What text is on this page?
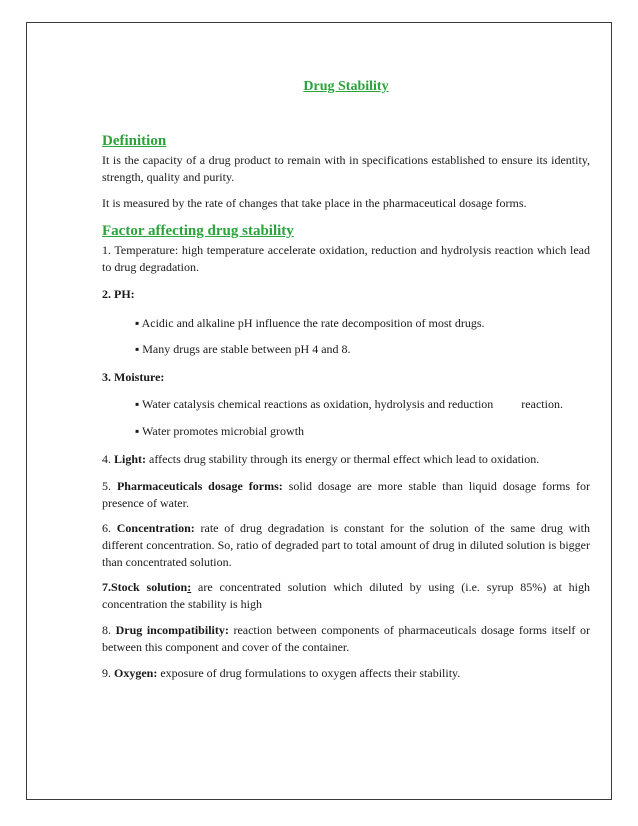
Drug Stability
Definition
It is the capacity of a drug product to remain with in specifications established to ensure its identity, strength, quality and purity.
It is measured by the rate of changes that take place in the pharmaceutical dosage forms.
Factor affecting drug stability
1. Temperature: high temperature accelerate oxidation, reduction and hydrolysis reaction which lead to drug degradation.
2. PH:
▪ Acidic and alkaline pH influence the rate decomposition of most drugs.
▪ Many drugs are stable between pH 4 and 8.
3. Moisture:
▪ Water catalysis chemical reactions as oxidation, hydrolysis and reduction reaction.
▪ Water promotes microbial growth
4. Light: affects drug stability through its energy or thermal effect which lead to oxidation.
5. Pharmaceuticals dosage forms: solid dosage are more stable than liquid dosage forms for presence of water.
6. Concentration: rate of drug degradation is constant for the solution of the same drug with different concentration. So, ratio of degraded part to total amount of drug in diluted solution is bigger than concentrated solution.
7.Stock solution: are concentrated solution which diluted by using (i.e. syrup 85%) at high concentration the stability is high
8. Drug incompatibility: reaction between components of pharmaceuticals dosage forms itself or between this component and cover of the container.
9. Oxygen: exposure of drug formulations to oxygen affects their stability.
